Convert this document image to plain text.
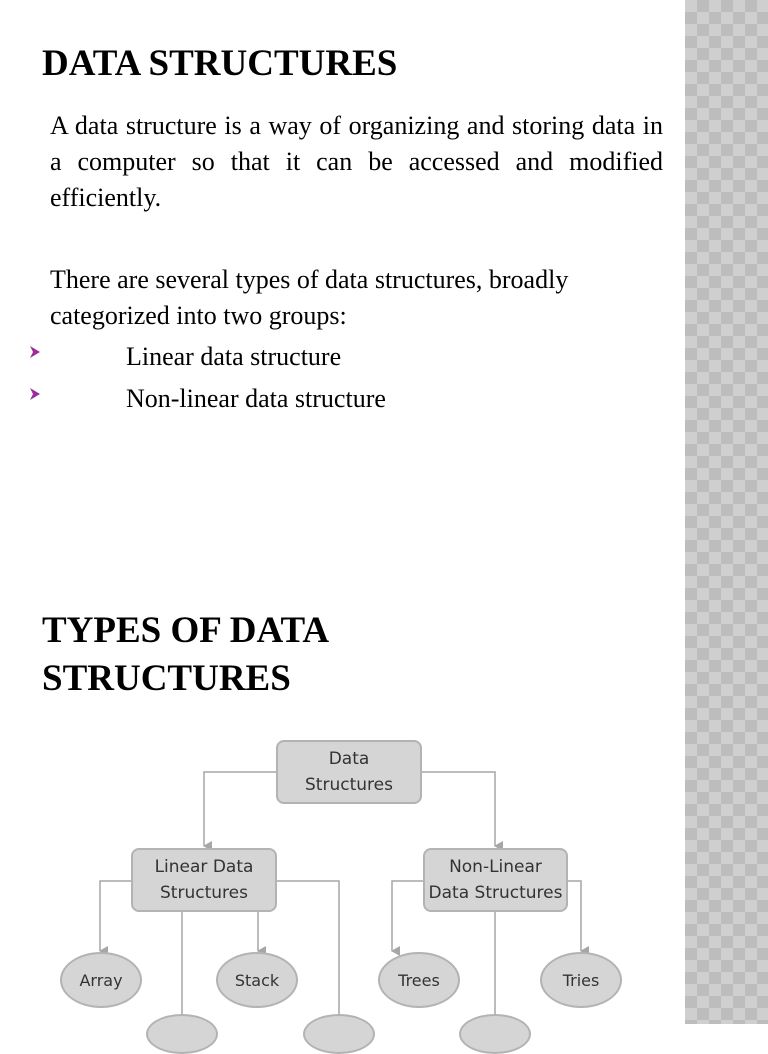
DATA STRUCTURES

A data structure is a way of organizing and storing data in a computer so that it can be accessed and modified efficiently.

There are several types of data structures, broadly categorized into two groups:

Linear data structure
Non-linear data structure
TYPES OF DATA STRUCTURES
Data
Structures
Linear Data
Structures
Non-Linear
Data Structures
Array	Stack	Trees	Tries
